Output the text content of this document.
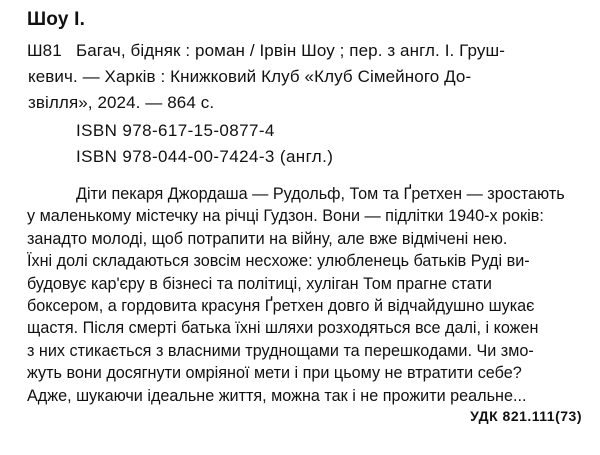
Шоу І.
Ш81 Багач, бідняк : роман / Ірвін Шоу ; пер. з англ. І. Груш-
кевич. — Харків : Книжковий Клуб «Клуб Сімейного До-
звілля», 2024. — 864 с.
ISBN 978-617-15-0877-4
ISBN 978-044-00-7424-3 (англ.)
Діти пекаря Джордаша — Рудольф, Том та Ґретхен — зростають
у маленькому містечку на річці Гудзон. Вони — підлітки 1940-х років:
занадто молоді, щоб потрапити на війну, але вже відмічені нею.
Їхні долі складаються зовсім несхоже: улюбленець батьків Руді ви-
будовує кар'єру в бізнесі та політиці, хуліган Том прагне стати
боксером, а гордовита красуня Ґретхен довго й відчайдушно шукає
щастя. Після смерті батька їхні шляхи розходяться все далі, і кожен
з них стикається з власними труднощами та перешкодами. Чи змо-
жуть вони досягнути омріяної мети і при цьому не втратити себе?
Адже, шукаючи ідеальне життя, можна так і не прожити реальне...
УДК 821.111(73)
